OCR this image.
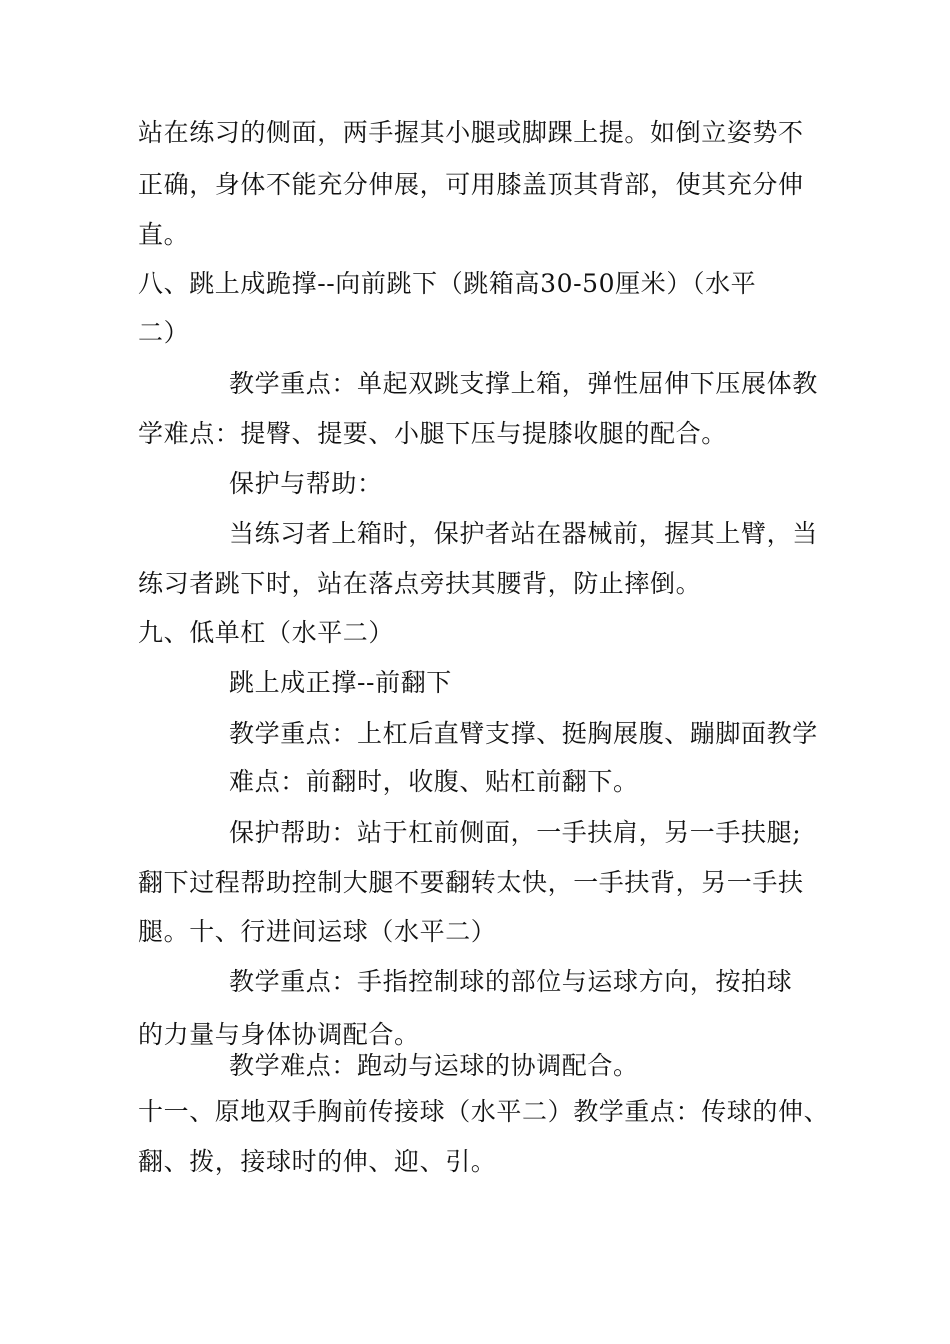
站在练习的侧面，两手握其小腿或脚踝上提。如倒立姿势不
正确，身体不能充分伸展，可用膝盖顶其背部，使其充分伸
直。
八、跳上成跪撑--向前跳下（跳箱高30-50厘米）（水平
二）
教学重点：单起双跳支撑上箱，弹性屈伸下压展体教
学难点：提臀、提要、小腿下压与提膝收腿的配合。
保护与帮助：
当练习者上箱时，保护者站在器械前，握其上臂，当
练习者跳下时，站在落点旁扶其腰背，防止摔倒。
九、低单杠（水平二）
跳上成正撑--前翻下
教学重点：上杠后直臂支撑、挺胸展腹、蹦脚面教学
难点：前翻时，收腹、贴杠前翻下。
保护帮助：站于杠前侧面，一手扶肩，另一手扶腿;
翻下过程帮助控制大腿不要翻转太快，一手扶背，另一手扶
腿。十、行进间运球（水平二）
教学重点：手指控制球的部位与运球方向，按拍球
的力量与身体协调配合。
教学难点：跑动与运球的协调配合。
十一、原地双手胸前传接球（水平二）教学重点：传球的伸、
翻、拨，接球时的伸、迎、引。
